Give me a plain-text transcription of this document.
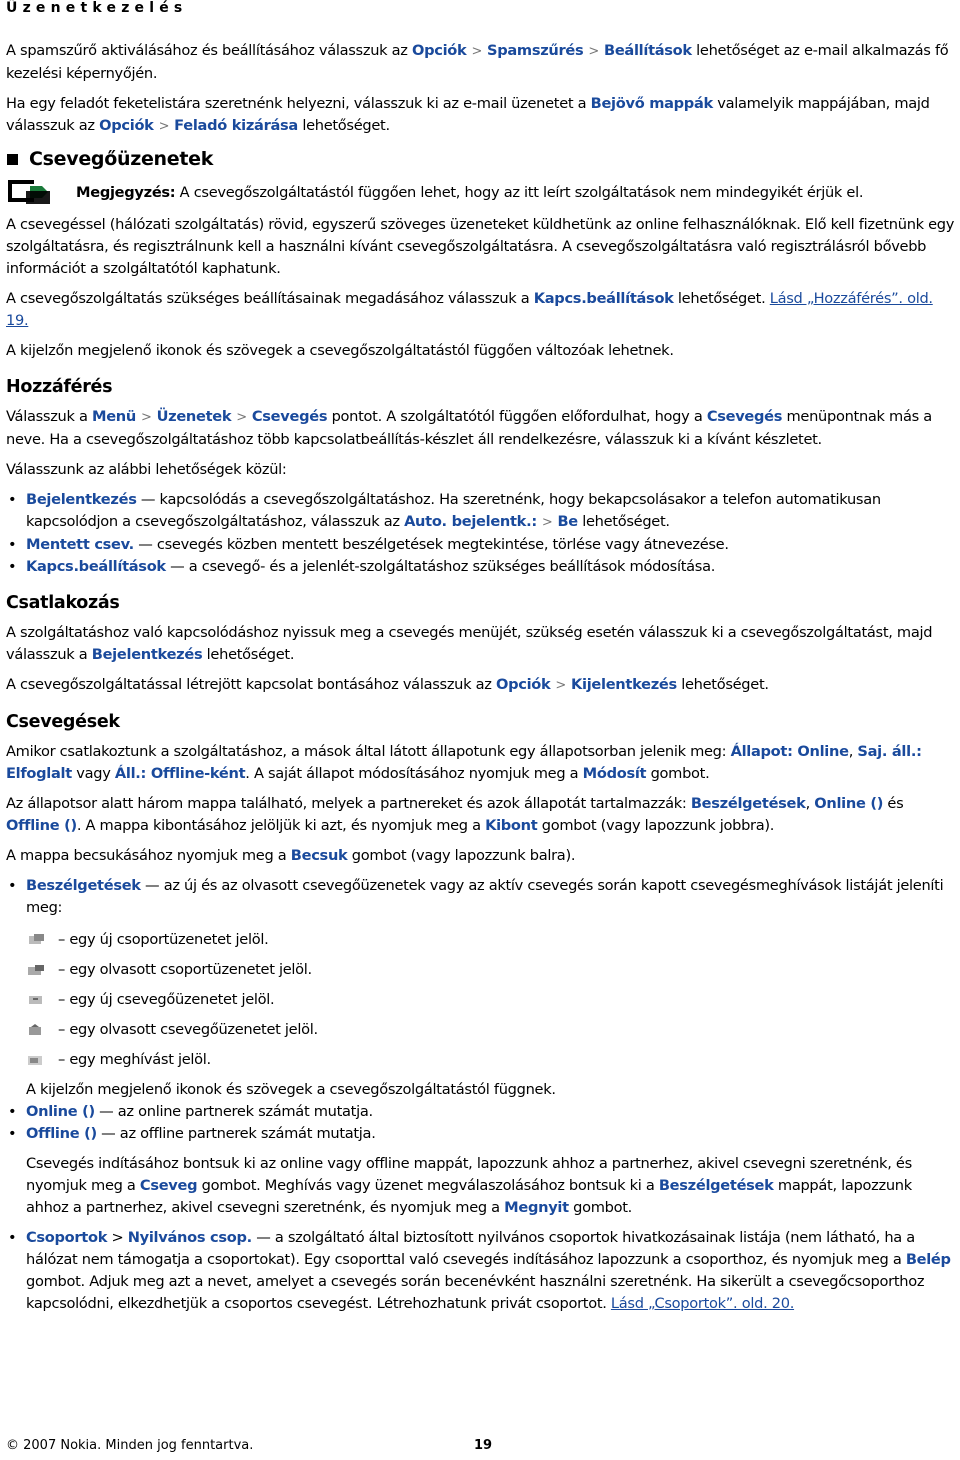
Üzenetkezelés

A spamszűrő aktiválásához és beállításához válasszuk az Opciók > Spamszűrés > Beállítások lehetőséget az e-mail alkalmazás fő kezelési képernyőjén.

Ha egy feladót feketelistára szeretnénk helyezni, válasszuk ki az e-mail üzenetet a Bejövő mappák valamelyik mappájában, majd válasszuk az Opciók > Feladó kizárása lehetőséget.

Csevegőüzenetek
Megjegyzés: A csevegőszolgáltatástól függően lehet, hogy az itt leírt szolgáltatások nem mindegyikét érjük el.

A csevegéssel (hálózati szolgáltatás) rövid, egyszerű szöveges üzeneteket küldhetünk az online felhasználóknak. Elő kell fizetnünk egy szolgáltatásra, és regisztrálnunk kell a használni kívánt csevegőszolgáltatásra. A csevegőszolgáltatásra való regisztrálásról bővebb információt a szolgáltatótól kaphatunk.

A csevegőszolgáltatás szükséges beállításainak megadásához válasszuk a Kapcs.beállítások lehetőséget. Lásd „Hozzáférés”. old. 19.

A kijelzőn megjelenő ikonok és szövegek a csevegőszolgáltatástól függően változóak lehetnek.

Hozzáférés

Válasszuk a Menü > Üzenetek > Csevegés pontot. A szolgáltatótól függően előfordulhat, hogy a Csevegés menüpontnak más a neve. Ha a csevegőszolgáltatáshoz több kapcsolatbeállítás-készlet áll rendelkezésre, válasszuk ki a kívánt készletet.

Válasszunk az alábbi lehetőségek közül:

• Bejelentkezés — kapcsolódás a csevegőszolgáltatáshoz. Ha szeretnénk, hogy bekapcsolásakor a telefon automatikusan kapcsolódjon a csevegőszolgáltatáshoz, válasszuk az Auto. bejelentk.: > Be lehetőséget.
• Mentett csev. — csevegés közben mentett beszélgetések megtekintése, törlése vagy átnevezése.
• Kapcs.beállítások — a csevegő- és a jelenlét-szolgáltatáshoz szükséges beállítások módosítása.
Csatlakozás

A szolgáltatáshoz való kapcsolódáshoz nyissuk meg a csevegés menüjét, szükség esetén válasszuk ki a csevegőszolgáltatást, majd válasszuk a Bejelentkezés lehetőséget.

A csevegőszolgáltatással létrejött kapcsolat bontásához válasszuk az Opciók > Kijelentkezés lehetőséget.

Csevegések

Amikor csatlakoztunk a szolgáltatáshoz, a mások által látott állapotunk egy állapotsorban jelenik meg: Állapot: Online, Saj. áll.: Elfoglalt vagy Áll.: Offline-ként. A saját állapot módosításához nyomjuk meg a Módosít gombot.

Az állapotsor alatt három mappa található, melyek a partnereket és azok állapotát tartalmazzák: Beszélgetések, Online () és Offline (). A mappa kibontásához jelöljük ki azt, és nyomjuk meg a Kibont gombot (vagy lapozzunk jobbra).

A mappa becsukásához nyomjuk meg a Becsuk gombot (vagy lapozzunk balra).

• Beszélgetések — az új és az olvasott csevegőüzenetek vagy az aktív csevegés során kapott csevegésmeghívások listáját jeleníti meg:
– egy új csoportüzenetet jelöl.
– egy olvasott csoportüzenetet jelöl.
– egy új csevegőüzenetet jelöl.
– egy olvasott csevegőüzenetet jelöl.
– egy meghívást jelöl.

A kijelzőn megjelenő ikonok és szövegek a csevegőszolgáltatástól függnek.

• Online () — az online partnerek számát mutatja.
• Offline () — az offline partnerek számát mutatja.

Csevegés indításához bontsuk ki az online vagy offline mappát, lapozzunk ahhoz a partnerhez, akivel csevegni szeretnénk, és nyomjuk meg a Cseveg gombot. Meghívás vagy üzenet megválaszolásához bontsuk ki a Beszélgetések mappát, lapozzunk ahhoz a partnerhez, akivel csevegni szeretnénk, és nyomjuk meg a Megnyit gombot.

• Csoportok > Nyilvános csop. — a szolgáltató által biztosított nyilvános csoportok hivatkozásainak listája (nem látható, ha a hálózat nem támogatja a csoportokat). Egy csoporttal való csevegés indításához lapozzunk a csoporthoz, és nyomjuk meg a Belép gombot. Adjuk meg azt a nevet, amelyet a csevegés során becenévként használni szeretnénk. Ha sikerült a csevegőcsoporthoz kapcsolódni, elkezdhetjük a csoportos csevegést. Létrehozhatunk privát csoportot. Lásd „Csoportok”. old. 20.
© 2007 Nokia. Minden jog fenntartva.	19
